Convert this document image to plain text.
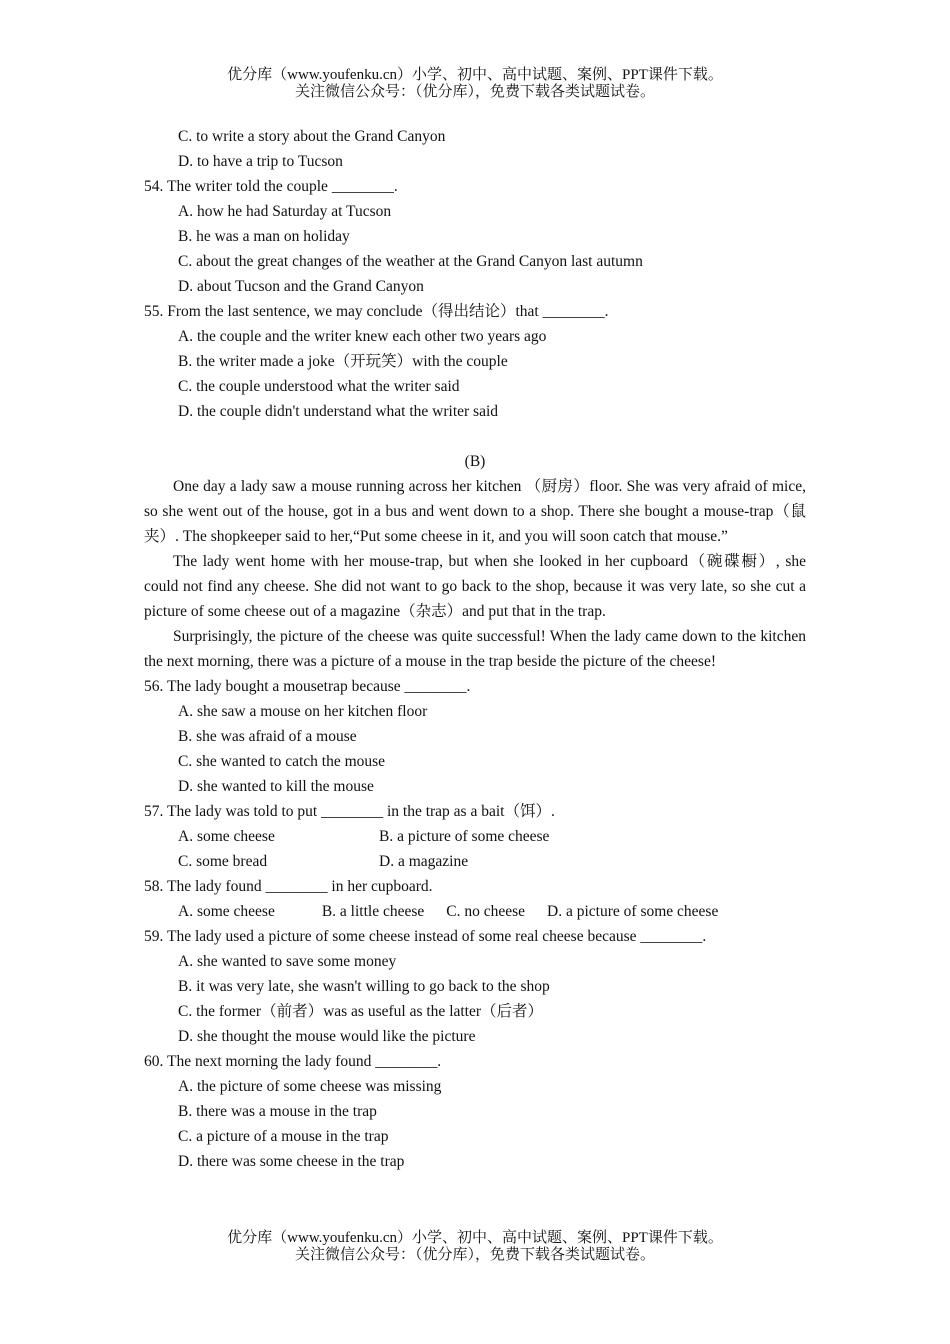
优分库（www.youfenku.cn）小学、初中、高中试题、案例、PPT课件下载。
关注微信公众号：（优分库），免费下载各类试题试卷。
C. to write a story about the Grand Canyon
D. to have a trip to Tucson
54. The writer told the couple ________.
A. how he had Saturday at Tucson
B. he was a man on holiday
C. about the great changes of the weather at the Grand Canyon last autumn
D. about Tucson and the Grand Canyon
55. From the last sentence, we may conclude（得出结论）that ________.
A. the couple and the writer knew each other two years ago
B. the writer made a joke（开玩笑）with the couple
C. the couple understood what the writer said
D. the couple didn't understand what the writer said
(B)

One day a lady saw a mouse running across her kitchen （厨房）floor. She was very afraid of mice, so she went out of the house, got in a bus and went down to a shop. There she bought a mouse-trap（鼠夹）. The shopkeeper said to her,“Put some cheese in it, and you will soon catch that mouse.”

The lady went home with her mouse-trap, but when she looked in her cupboard（碗碟橱）, she could not find any cheese. She did not want to go back to the shop, because it was very late, so she cut a picture of some cheese out of a magazine（杂志）and put that in the trap.

Surprisingly, the picture of the cheese was quite successful! When the lady came down to the kitchen the next morning, there was a picture of a mouse in the trap beside the picture of the cheese!

56. The lady bought a mousetrap because ________.
A. she saw a mouse on her kitchen floor
B. she was afraid of a mouse
C. she wanted to catch the mouse
D. she wanted to kill the mouse
57. The lady was told to put ________ in the trap as a bait（饵）.
A. some cheese	B. a picture of some cheese
C. some bread	D. a magazine
58. The lady found ________ in her cupboard.
A. some cheese	B. a little cheese C. no cheese D. a picture of some cheese
59. The lady used a picture of some cheese instead of some real cheese because ________.
A. she wanted to save some money
B. it was very late, she wasn't willing to go back to the shop
C. the former（前者）was as useful as the latter（后者）
D. she thought the mouse would like the picture
60. The next morning the lady found ________.
A. the picture of some cheese was missing
B. there was a mouse in the trap
C. a picture of a mouse in the trap
D. there was some cheese in the trap
优分库（www.youfenku.cn）小学、初中、高中试题、案例、PPT课件下载。
关注微信公众号：（优分库），免费下载各类试题试卷。
